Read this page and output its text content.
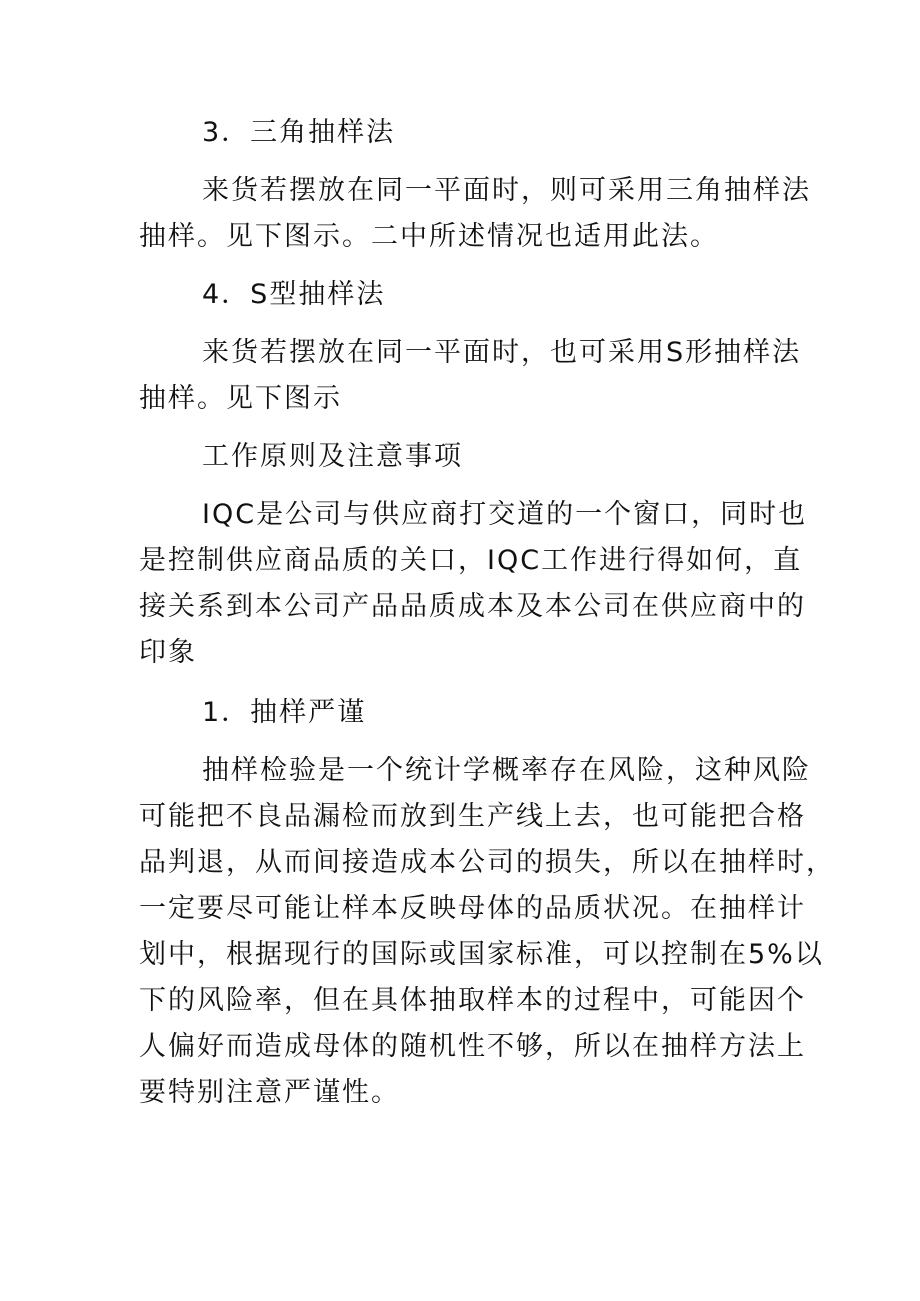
3．三角抽样法
来货若摆放在同一平面时，则可采用三角抽样法
抽样。见下图示。二中所述情况也适用此法。
4．S型抽样法
来货若摆放在同一平面时，也可采用S形抽样法
抽样。见下图示
工作原则及注意事项
IQC是公司与供应商打交道的一个窗口，同时也
是控制供应商品质的关口，IQC工作进行得如何，直
接关系到本公司产品品质成本及本公司在供应商中的
印象
1．抽样严谨
抽样检验是一个统计学概率存在风险，这种风险
可能把不良品漏检而放到生产线上去，也可能把合格
品判退，从而间接造成本公司的损失，所以在抽样时，
一定要尽可能让样本反映母体的品质状况。在抽样计
划中，根据现行的国际或国家标准，可以控制在5%以
下的风险率，但在具体抽取样本的过程中，可能因个
人偏好而造成母体的随机性不够，所以在抽样方法上
要特别注意严谨性。
